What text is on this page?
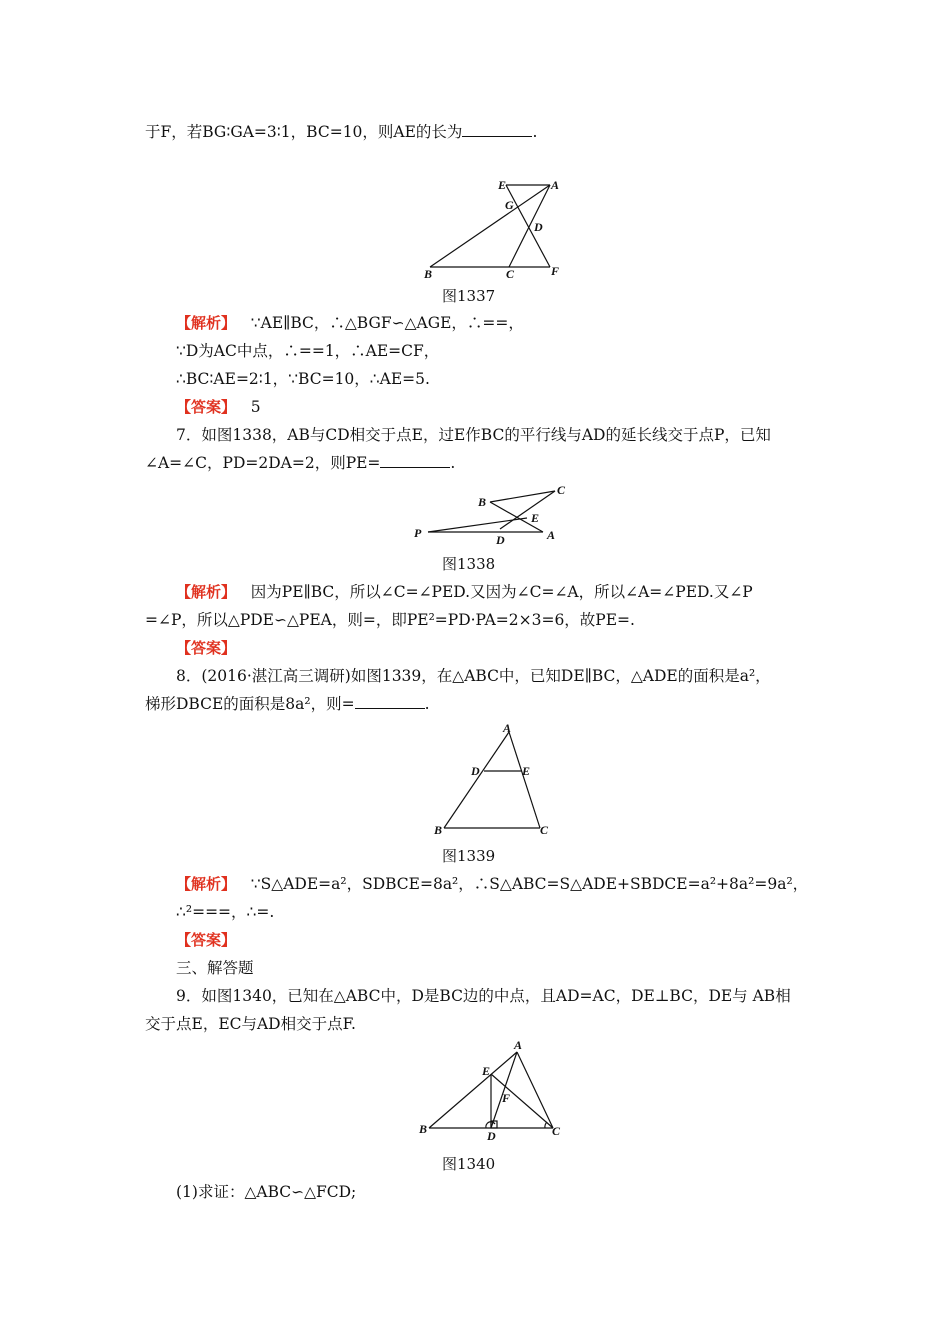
于F，若BG∶GA=3∶1，BC=10，则AE的长为	.
E	A
G
D
B	C	F
图1337
【解析】 ∵AE∥BC，∴△BGF∽△AGE，∴==，
∵D为AC中点，∴==1，∴AE=CF，
∴BC∶AE=2∶1，∵BC=10，∴AE=5.
【答案】 5
7．如图1338，AB与CD相交于点E，过E作BC的平行线与AD的延长线交于点P，已知
∠A=∠C，PD=2DA=2，则PE=	.
B
C
E
P	D	A
图1338
【解析】 因为PE∥BC，所以∠C=∠PED.又因为∠C=∠A，所以∠A=∠PED.又∠P
=∠P，所以△PDE∽△PEA，则=，即PE²=PD·PA=2×3=6，故PE=.
【答案】
8．(2016·湛江高三调研)如图1339，在△ABC中，已知DE∥BC，△ADE的面积是a²，
梯形DBCE的面积是8a²，则=	.
A
D	E
B	C
图1339
【解析】 ∵S△ADE=a²，SDBCE=8a²，∴S△ABC=S△ADE+SBDCE=a²+8a²=9a²，
∴²===，∴=.
【答案】
三、解答题
9．如图1340，已知在△ABC中，D是BC边的中点，且AD=AC，DE⊥BC，DE与 AB相
交于点E，EC与AD相交于点F.
A
E
F
B	D	C
图1340
(1)求证：△ABC∽△FCD;
